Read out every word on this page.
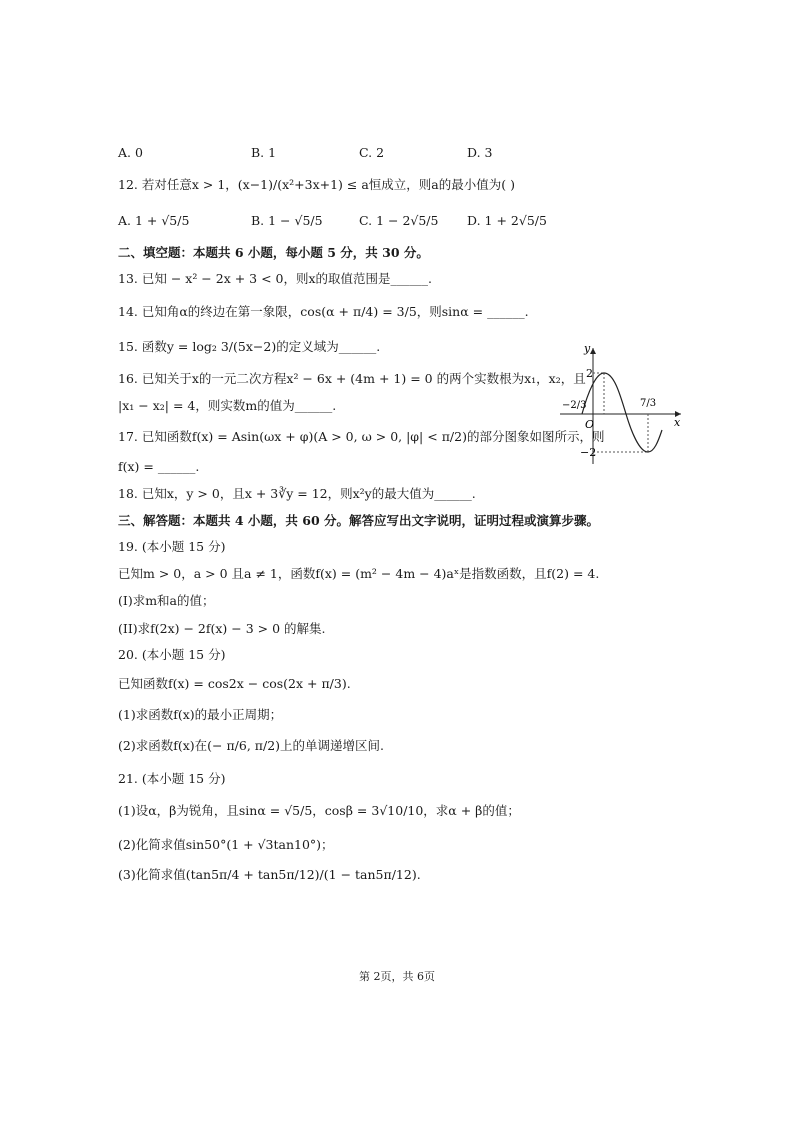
A. 0	B. 1	C. 2	D. 3
12. 若对任意x > 1，(x−1)/(x²+3x+1) ≤ a恒成立，则a的最小值为( )
A. 1 + √5/5	B. 1 − √5/5	C. 1 − 2√5/5 D. 1 + 2√5/5
二、填空题：本题共 6 小题，每小题 5 分，共 30 分。
13. 已知 − x² − 2x + 3 < 0，则x的取值范围是______.
14. 已知角α的终边在第一象限，cos(α + π/4) = 3/5，则sinα = ______.
15. 函数y = log₂ 3/(5x−2)的定义域为______.
16. 已知关于x的一元二次方程x² − 6x + (4m + 1) = 0 的两个实数根为x₁，x₂，且
|x₁ − x₂| = 4，则实数m的值为______.
17. 已知函数f(x) = Asin(ωx + φ)(A > 0, ω > 0, |φ| < π/2)的部分图象如图所示，则
f(x) = ______.
18. 已知x，y > 0，且x + 3∛y = 12，则x²y的最大值为______.
三、解答题：本题共 4 小题，共 60 分。解答应写出文字说明，证明过程或演算步骤。
19. (本小题 15 分)
已知m > 0，a > 0 且a ≠ 1，函数f(x) = (m² − 4m − 4)aˣ是指数函数，且f(2) = 4.
(I)求m和a的值；
(II)求f(2x) − 2f(x) − 3 > 0 的解集.
20. (本小题 15 分)
已知函数f(x) = cos2x − cos(2x + π/3).
(1)求函数f(x)的最小正周期；
(2)求函数f(x)在(− π/6, π/2)上的单调递增区间.
21. (本小题 15 分)
(1)设α，β为锐角，且sinα = √5/5，cosβ = 3√10/10，求α + β的值；
(2)化简求值sin50°(1 + √3tan10°)；
(3)化简求值(tan5π/4 + tan5π/12)/(1 − tan5π/12).
y
x
O
2
−2
−2/3	7/3
第 2页，共 6页
